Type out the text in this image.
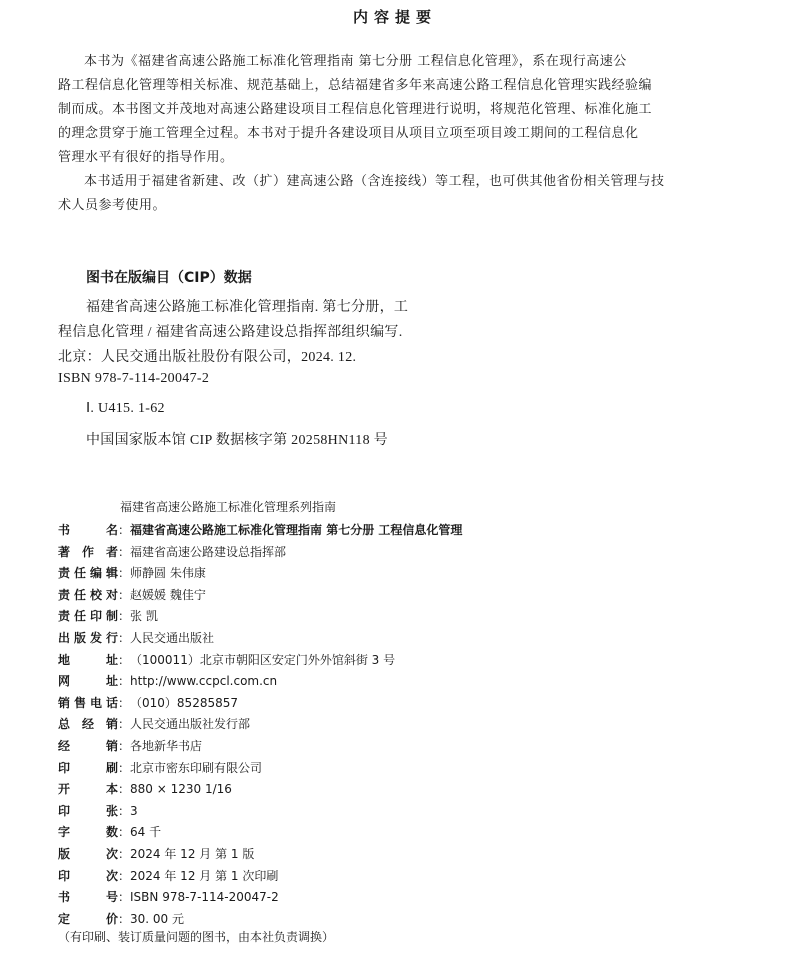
内容提要
本书为《福建省高速公路施工标准化管理指南 第七分册 工程信息化管理》，系在现行高速公
路工程信息化管理等相关标准、规范基础上，总结福建省多年来高速公路工程信息化管理实践经验编
制而成。本书图文并茂地对高速公路建设项目工程信息化管理进行说明，将规范化管理、标准化施工
的理念贯穿于施工管理全过程。本书对于提升各建设项目从项目立项至项目竣工期间的工程信息化
管理水平有很好的指导作用。
本书适用于福建省新建、改（扩）建高速公路（含连接线）等工程，也可供其他省份相关管理与技
术人员参考使用。
图书在版编目（CIP）数据
福建省高速公路施工标准化管理指南. 第七分册，工
程信息化管理 / 福建省高速公路建设总指挥部组织编写.
北京：人民交通出版社股份有限公司，2024. 12.
ISBN 978-7-114-20047-2
Ⅰ. U415. 1-62
中国国家版本馆 CIP 数据核字第 20258HN118 号
福建省高速公路施工标准化管理系列指南
书名：福建省高速公路施工标准化管理指南 第七分册 工程信息化管理
著作者：福建省高速公路建设总指挥部
责任编辑：师静圆 朱伟康
责任校对：赵媛媛 魏佳宁
责任印制：张 凯
出版发行：人民交通出版社
地址：（100011）北京市朝阳区安定门外外馆斜街 3 号
网址：http://www.ccpcl.com.cn
销售电话：（010）85285857
总经销：人民交通出版社发行部
经销：各地新华书店
印刷：北京市密东印刷有限公司
开本：880 × 1230 1/16
印张：3
字数：64 千
版次：2024 年 12 月 第 1 版
印次：2024 年 12 月 第 1 次印刷
书号：ISBN 978-7-114-20047-2
定价：30. 00 元
（有印刷、装订质量问题的图书，由本社负责调换）
